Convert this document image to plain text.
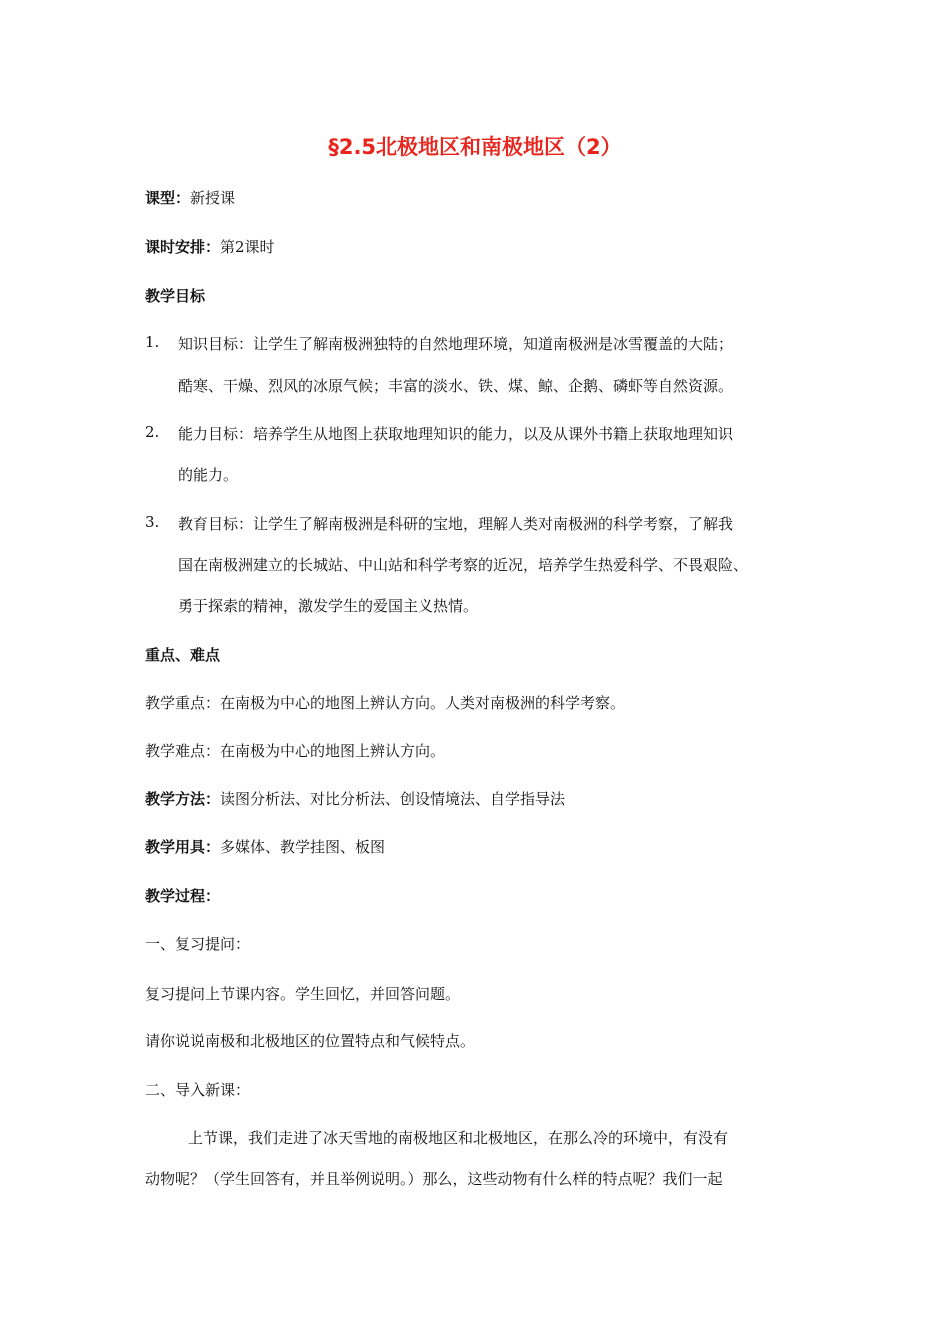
§2.5北极地区和南极地区（2）
课型：新授课
课时安排：第2课时
教学目标
1. 知识目标：让学生了解南极洲独特的自然地理环境，知道南极洲是冰雪覆盖的大陆；
酷寒、干燥、烈风的冰原气候；丰富的淡水、铁、煤、鲸、企鹅、磷虾等自然资源。
2. 能力目标：培养学生从地图上获取地理知识的能力，以及从课外书籍上获取地理知识
的能力。
3. 教育目标：让学生了解南极洲是科研的宝地，理解人类对南极洲的科学考察，了解我
国在南极洲建立的长城站、中山站和科学考察的近况，培养学生热爱科学、不畏艰险、
勇于探索的精神，激发学生的爱国主义热情。
重点、难点
教学重点：在南极为中心的地图上辨认方向。人类对南极洲的科学考察。
教学难点：在南极为中心的地图上辨认方向。
教学方法：读图分析法、对比分析法、创设情境法、自学指导法
教学用具：多媒体、教学挂图、板图
教学过程：
一、复习提问：
复习提问上节课内容。学生回忆，并回答问题。
请你说说南极和北极地区的位置特点和气候特点。
二、导入新课：
上节课，我们走进了冰天雪地的南极地区和北极地区，在那么冷的环境中，有没有
动物呢？（学生回答有，并且举例说明。）那么，这些动物有什么样的特点呢？我们一起
